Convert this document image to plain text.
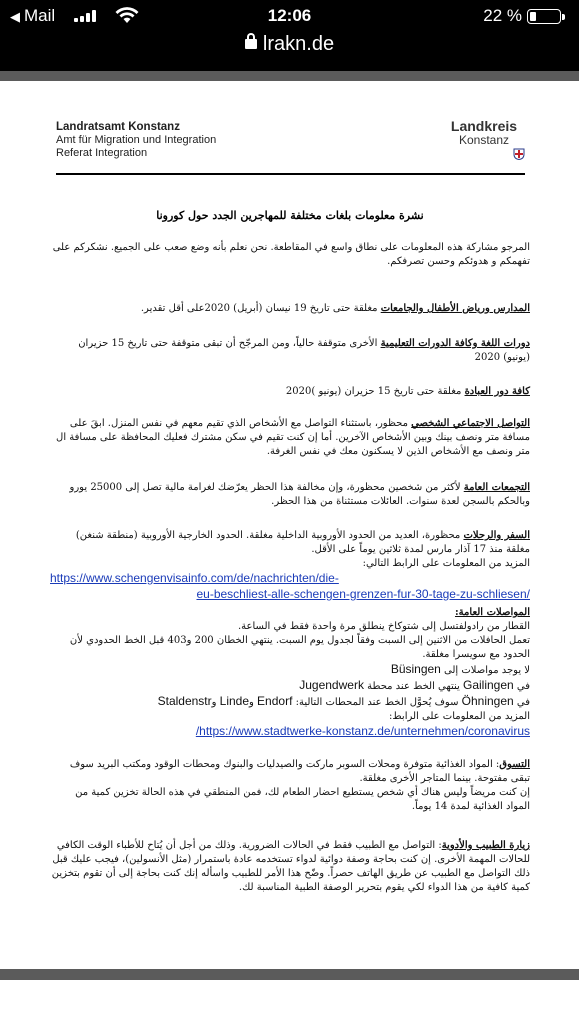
◀ Mail	12:06	22 %
lrakn.de
Landratsamt Konstanz
Amt für Migration und Integration
Referat Integration
Landkreis
Konstanz
نشرة معلومات بلغات مختلفة للمهاجرين الجدد حول كورونا
المرجو مشاركة هذه المعلومات على نطاق واسع في المقاطعة. نحن نعلم بأنه وضع صعب على الجميع. نشكركم على تفهمكم و هدوئكم وحسن تصرفكم.
المدارس ورياض الأطفال والجامعات مغلقة حتى تاريخ 19 نيسان (أبريل) 2020على أقل تقدير.
دورات اللغة وكافة الدورات التعليمية الأخرى متوقفة حالياً، ومن المرجّح أن تبقى متوقفة حتى تاريخ 15 حزيران (يونيو) 2020
كافة دور العبادة مغلقة حتى تاريخ 15 حزيران (يونيو )2020
التواصل الاجتماعي الشخصي محظور، باستثناء التواصل مع الأشخاص الذي تقيم معهم في نفس المنزل. ابقَ على مسافة متر ونصف بينك وبين الأشخاص الآخرين. أما إن كنت تقيم في سكن مشترك فعليك المحافظة على مسافة ال متر ونصف مع الأشخاص الذين لا يسكنون معك في نفس الغرفة.
التجمعات العامة لأكثر من شخصين محظورة، وإن مخالفة هذا الحظر يعرّضك لغرامة مالية تصل إلى 25000 يورو وبالحكم بالسجن لعدة سنوات. العائلات مستثناة من هذا الحظر.
السفر والرحلات محظورة، العديد من الحدود الأوروبية الداخلية مغلقة. الحدود الخارجية الأوروبية (منطقة شنغن) مغلقة منذ 17 آذار مارس لمدة ثلاثين يوماً على الأقل.
المزيد من المعلومات على الرابط التالي:
https://www.schengenvisainfo.com/de/nachrichten/die-
eu-beschliest-alle-schengen-grenzen-fur-30-tage-zu-schliesen/
المواصلات العامة:
القطار من رادولفتسل إلى شتوكاخ ينطلق مرة واحدة فقط في الساعة.
تعمل الحافلات من الاثنين إلى السبت وفقاً لجدول يوم السبت. ينتهي الخطان 200 و403 قبل الخط الحدودي لأن الحدود مع سويسرا مغلقة.
لا يوجد مواصلات إلى Büsingen
في Gailingen ينتهي الخط عند محطة Jugendwerk
في Öhningen سوف يُحوَّل الخط عند المحطات التالية: Endorf وLinde وStaldenstr
المزيد من المعلومات على الرابط:
/https://www.stadtwerke-konstanz.de/unternehmen/coronavirus
التسوق: المواد الغذائية متوفرة ومحلات السوبر ماركت والصيدليات والبنوك ومحطات الوقود ومكتب البريد سوف تبقى مفتوحة. بينما المتاجر الأخرى مغلقة.
إن كنت مريضاً وليس هناك أي شخص يستطيع احضار الطعام لك، فمن المنطقي في هذه الحالة تخزين كمية من المواد الغذائية لمدة 14 يوماً.
زيارة الطبيب والأدوية: التواصل مع الطبيب فقط في الحالات الضرورية. وذلك من أجل أن يُتاح للأطباء الوقت الكافي للحالات المهمة الأخرى. إن كنت بحاجة وصفة دوائية لدواء تستخدمه عادة باستمرار (مثل الأنسولين)، فيجب عليك قبل ذلك التواصل مع الطبيب عن طريق الهاتف حصراً. وضّح هذا الأمر للطبيب واسأله إنك كنت بحاجة إلى أن تقوم بتخزين كمية كافية من هذا الدواء لكي يقوم بتحرير الوصفة الطبية المناسبة لك.
